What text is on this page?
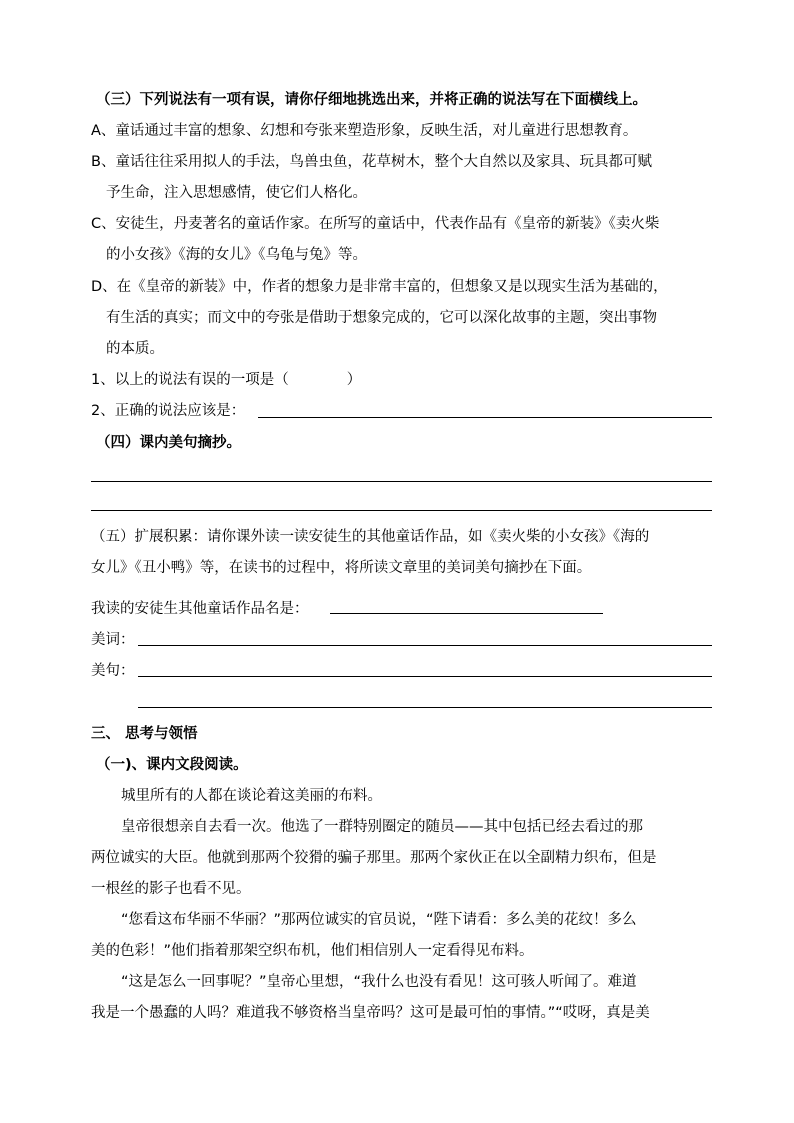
（三）下列说法有一项有误，请你仔细地挑选出来，并将正确的说法写在下面横线上。
A、童话通过丰富的想象、幻想和夸张来塑造形象，反映生活，对儿童进行思想教育。
B、童话往往采用拟人的手法，鸟兽虫鱼，花草树木，整个大自然以及家具、玩具都可赋
予生命，注入思想感情，使它们人格化。
C、安徒生，丹麦著名的童话作家。在所写的童话中，代表作品有《皇帝的新装》《卖火柴
的小女孩》《海的女儿》《乌龟与兔》等。
D、在《皇帝的新装》中，作者的想象力是非常丰富的，但想象又是以现实生活为基础的，
有生活的真实；而文中的夸张是借助于想象完成的，它可以深化故事的主题，突出事物
的本质。
1、以上的说法有误的一项是（　　　　）
2、正确的说法应该是：
（四）课内美句摘抄。
（五）扩展积累：请你课外读一读安徒生的其他童话作品，如《卖火柴的小女孩》《海的
女儿》《丑小鸭》等，在读书的过程中，将所读文章里的美词美句摘抄在下面。
我读的安徒生其他童话作品名是：
美词：
美句：
三、 思考与领悟
（一)、课内文段阅读。
城里所有的人都在谈论着这美丽的布料。
皇帝很想亲自去看一次。他选了一群特别圈定的随员——其中包括已经去看过的那
两位诚实的大臣。他就到那两个狡猾的骗子那里。那两个家伙正在以全副精力织布，但是
一根丝的影子也看不见。
“您看这布华丽不华丽？”那两位诚实的官员说，“陛下请看：多么美的花纹！多么
美的色彩！”他们指着那架空织布机，他们相信别人一定看得见布料。
“这是怎么一回事呢？”皇帝心里想，“我什么也没有看见！这可骇人听闻了。难道
我是一个愚蠢的人吗？难道我不够资格当皇帝吗？这可是最可怕的事情。”“哎呀，真是美
